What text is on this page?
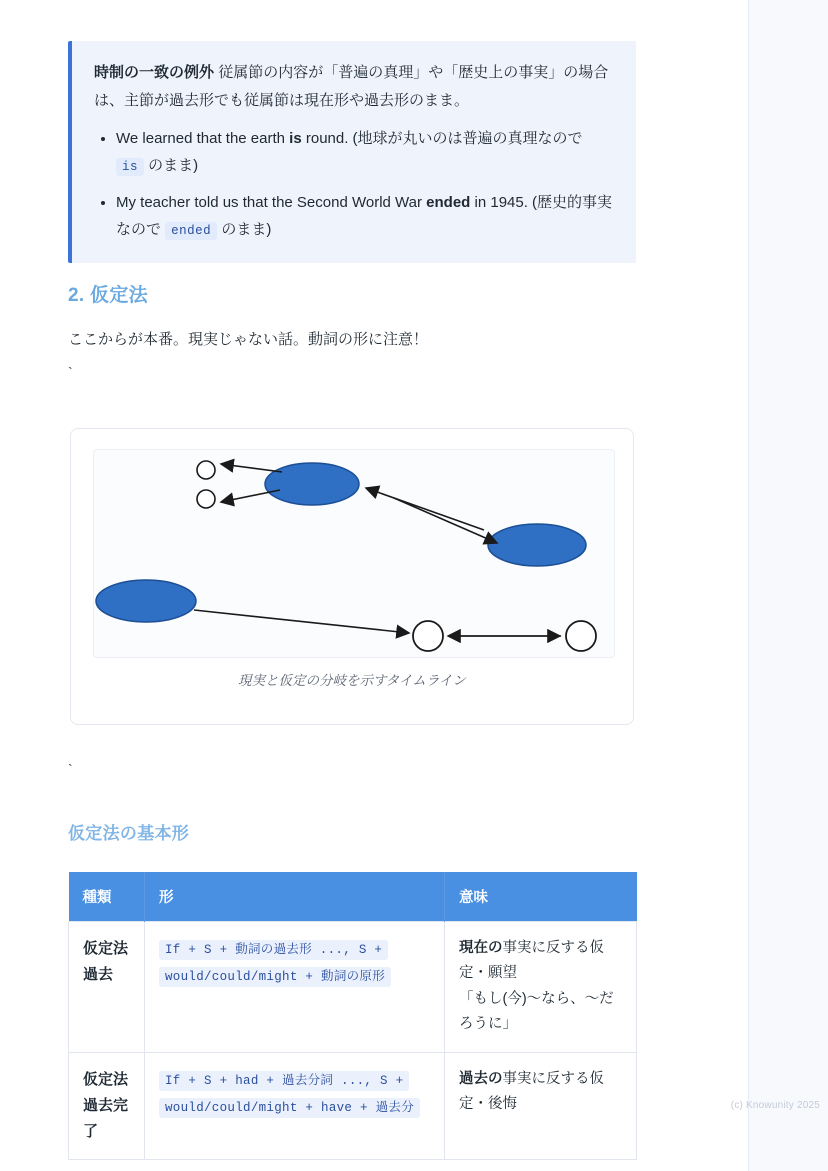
(c) Knowunity 2025

時制の一致の例外 従属節の内容が「普遍の真理」や「歴史上の事実」の場合は、主節が過去形でも従属節は現在形や過去形のまま。

• We learned that the earth is round. (地球が丸いのは普遍の真理なので is のまま)
• My teacher told us that the Second World War ended in 1945. (歴史的事実なので ended のまま)
2. 仮定法

ここからが本番。現実じゃない話。動詞の形に注意！

`
現実と仮定の分岐を示すタイムライン
`
仮定法の基本形
種類	形	意味
仮定法過去	If + S + 動詞の過去形 ..., S + would/could/might + 動詞の原形	現在の事実に反する仮定・願望
「もし(今)〜なら、〜だろうに」
仮定法過去完了	If + S + had + 過去分詞 ..., S + would/could/might + have + 過去分	過去の事実に反する仮定・後悔
